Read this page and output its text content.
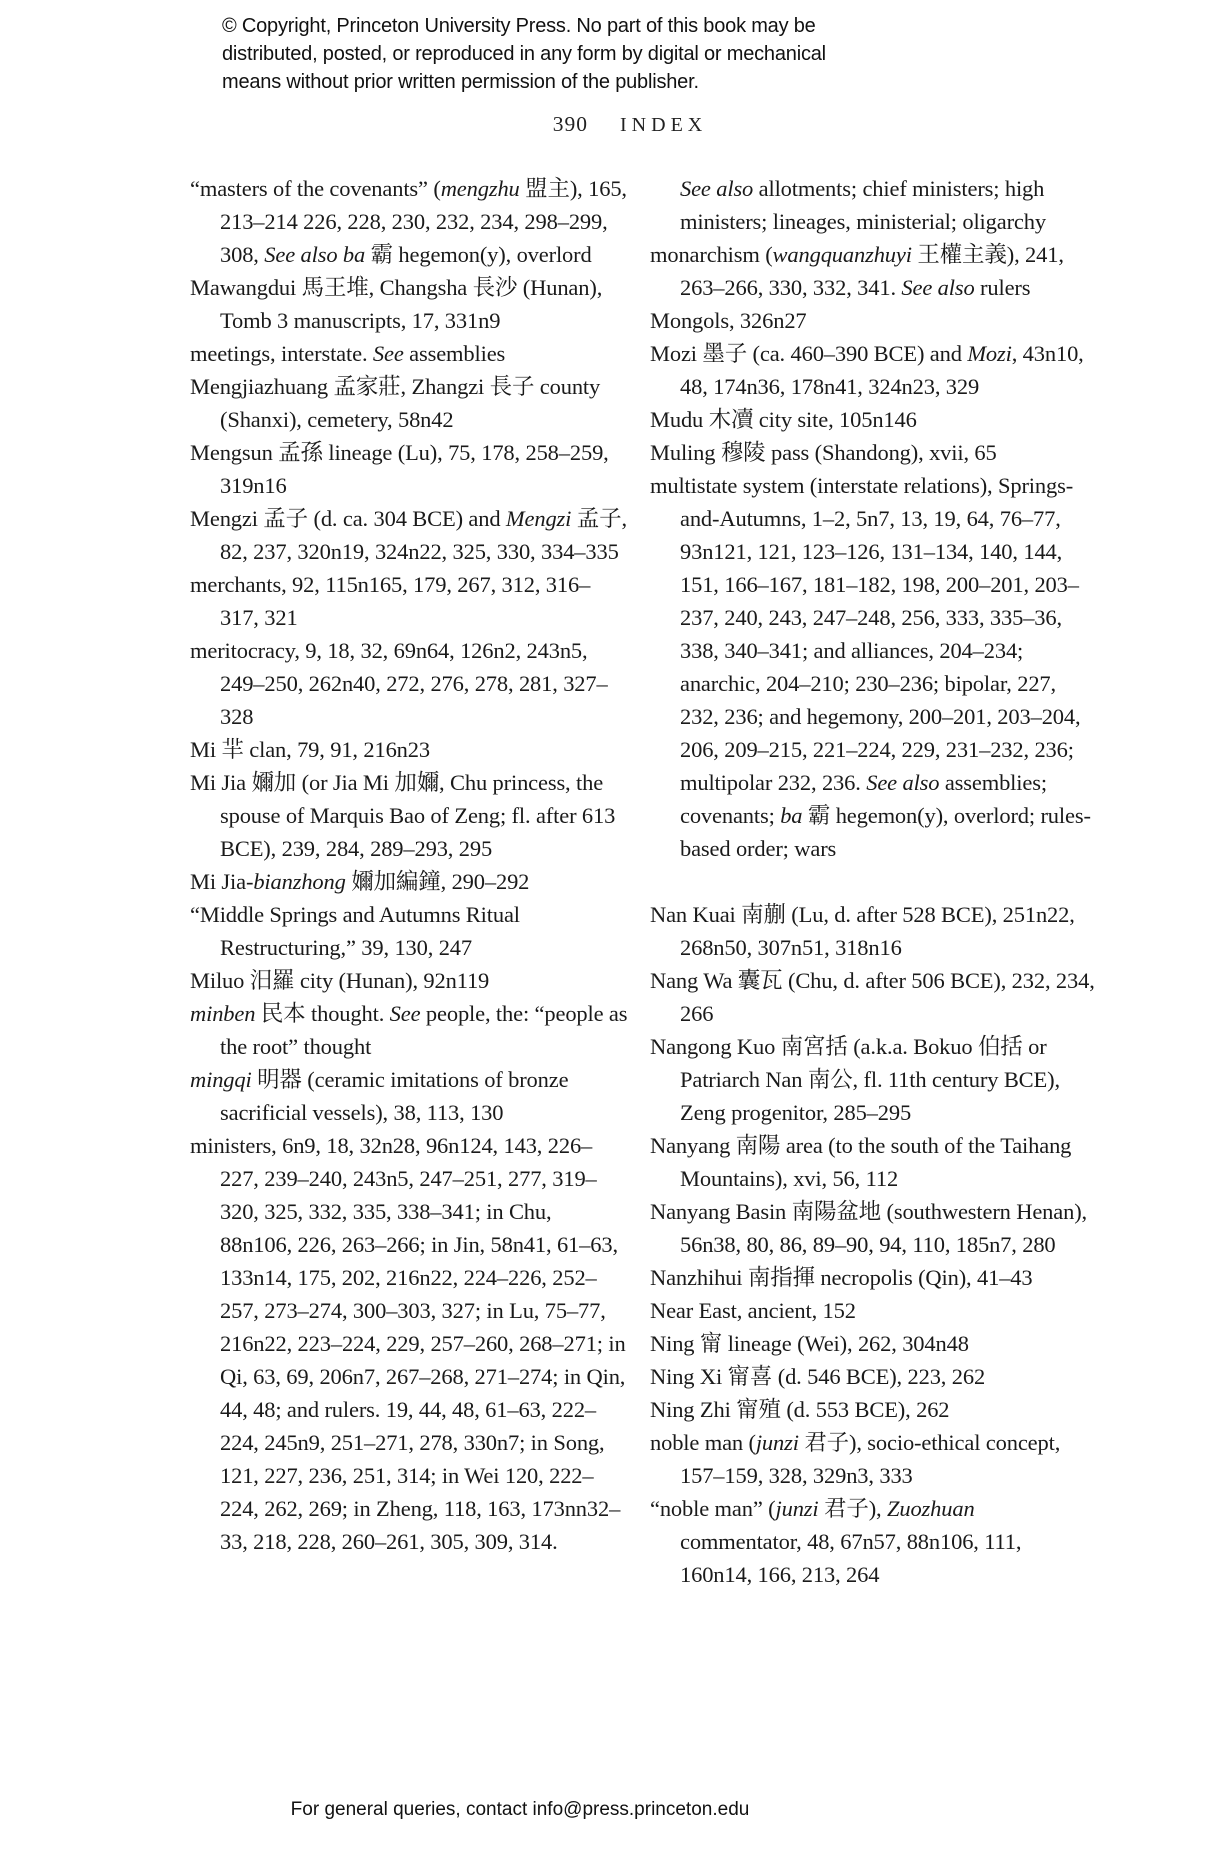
© Copyright, Princeton University Press. No part of this book may be
distributed, posted, or reproduced in any form by digital or mechanical
means without prior written permission of the publisher.
390 INDEX

“masters of the covenants” (mengzhu 盟主), 165, 213–214 226, 228, 230, 232, 234, 298–299, 308, See also ba 霸 hegemon(y), overlord

Mawangdui 馬王堆, Changsha 長沙 (Hunan), Tomb 3 manuscripts, 17, 331n9

meetings, interstate. See assemblies

Mengjiazhuang 孟家莊, Zhangzi 長子 county (Shanxi), cemetery, 58n42

Mengsun 孟孫 lineage (Lu), 75, 178, 258–259, 319n16

Mengzi 孟子 (d. ca. 304 BCE) and Mengzi 孟子, 82, 237, 320n19, 324n22, 325, 330, 334–335

merchants, 92, 115n165, 179, 267, 312, 316–317, 321

meritocracy, 9, 18, 32, 69n64, 126n2, 243n5, 249–250, 262n40, 272, 276, 278, 281, 327–328

Mi 羋 clan, 79, 91, 216n23

Mi Jia 嬭加 (or Jia Mi 加嬭, Chu princess, the spouse of Marquis Bao of Zeng; fl. after 613 BCE), 239, 284, 289–293, 295

Mi Jia-bianzhong 嬭加編鐘, 290–292

“Middle Springs and Autumns Ritual Restructuring,” 39, 130, 247

Miluo 汨羅 city (Hunan), 92n119

minben 民本 thought. See people, the: “people as the root” thought

mingqi 明器 (ceramic imitations of bronze sacrificial vessels), 38, 113, 130

ministers, 6n9, 18, 32n28, 96n124, 143, 226–227, 239–240, 243n5, 247–251, 277, 319–320, 325, 332, 335, 338–341; in Chu, 88n106, 226, 263–266; in Jin, 58n41, 61–63, 133n14, 175, 202, 216n22, 224–226, 252–257, 273–274, 300–303, 327; in Lu, 75–77, 216n22, 223–224, 229, 257–260, 268–271; in Qi, 63, 69, 206n7, 267–268, 271–274; in Qin, 44, 48; and rulers. 19, 44, 48, 61–63, 222–224, 245n9, 251–271, 278, 330n7; in Song, 121, 227, 236, 251, 314; in Wei 120, 222–224, 262, 269; in Zheng, 118, 163, 173nn32–33, 218, 228, 260–261, 305, 309, 314.

See also allotments; chief ministers; high ministers; lineages, ministerial; oligarchy

monarchism (wangquanzhuyi 王權主義), 241, 263–266, 330, 332, 341. See also rulers

Mongols, 326n27

Mozi 墨子 (ca. 460–390 BCE) and Mozi, 43n10, 48, 174n36, 178n41, 324n23, 329

Mudu 木凟 city site, 105n146

Muling 穆陵 pass (Shandong), xvii, 65

multistate system (interstate relations), Springs-and-Autumns, 1–2, 5n7, 13, 19, 64, 76–77, 93n121, 121, 123–126, 131–134, 140, 144, 151, 166–167, 181–182, 198, 200–201, 203–237, 240, 243, 247–248, 256, 333, 335–36, 338, 340–341; and alliances, 204–234; anarchic, 204–210; 230–236; bipolar, 227, 232, 236; and hegemony, 200–201, 203–204, 206, 209–215, 221–224, 229, 231–232, 236; multipolar 232, 236. See also assemblies; covenants; ba 霸 hegemon(y), overlord; rules-based order; wars

Nan Kuai 南蒯 (Lu, d. after 528 BCE), 251n22, 268n50, 307n51, 318n16

Nang Wa 囊瓦 (Chu, d. after 506 BCE), 232, 234, 266

Nangong Kuo 南宮括 (a.k.a. Bokuo 伯括 or Patriarch Nan 南公, fl. 11th century BCE), Zeng progenitor, 285–295

Nanyang 南陽 area (to the south of the Taihang Mountains), xvi, 56, 112

Nanyang Basin 南陽盆地 (southwestern Henan), 56n38, 80, 86, 89–90, 94, 110, 185n7, 280

Nanzhihui 南指揮 necropolis (Qin), 41–43

Near East, ancient, 152

Ning 甯 lineage (Wei), 262, 304n48

Ning Xi 甯喜 (d. 546 BCE), 223, 262

Ning Zhi 甯殖 (d. 553 BCE), 262

noble man (junzi 君子), socio-ethical concept, 157–159, 328, 329n3, 333

“noble man” (junzi 君子), Zuozhuan commentator, 48, 67n57, 88n106, 111, 160n14, 166, 213, 264

For general queries, contact info@press.princeton.edu
